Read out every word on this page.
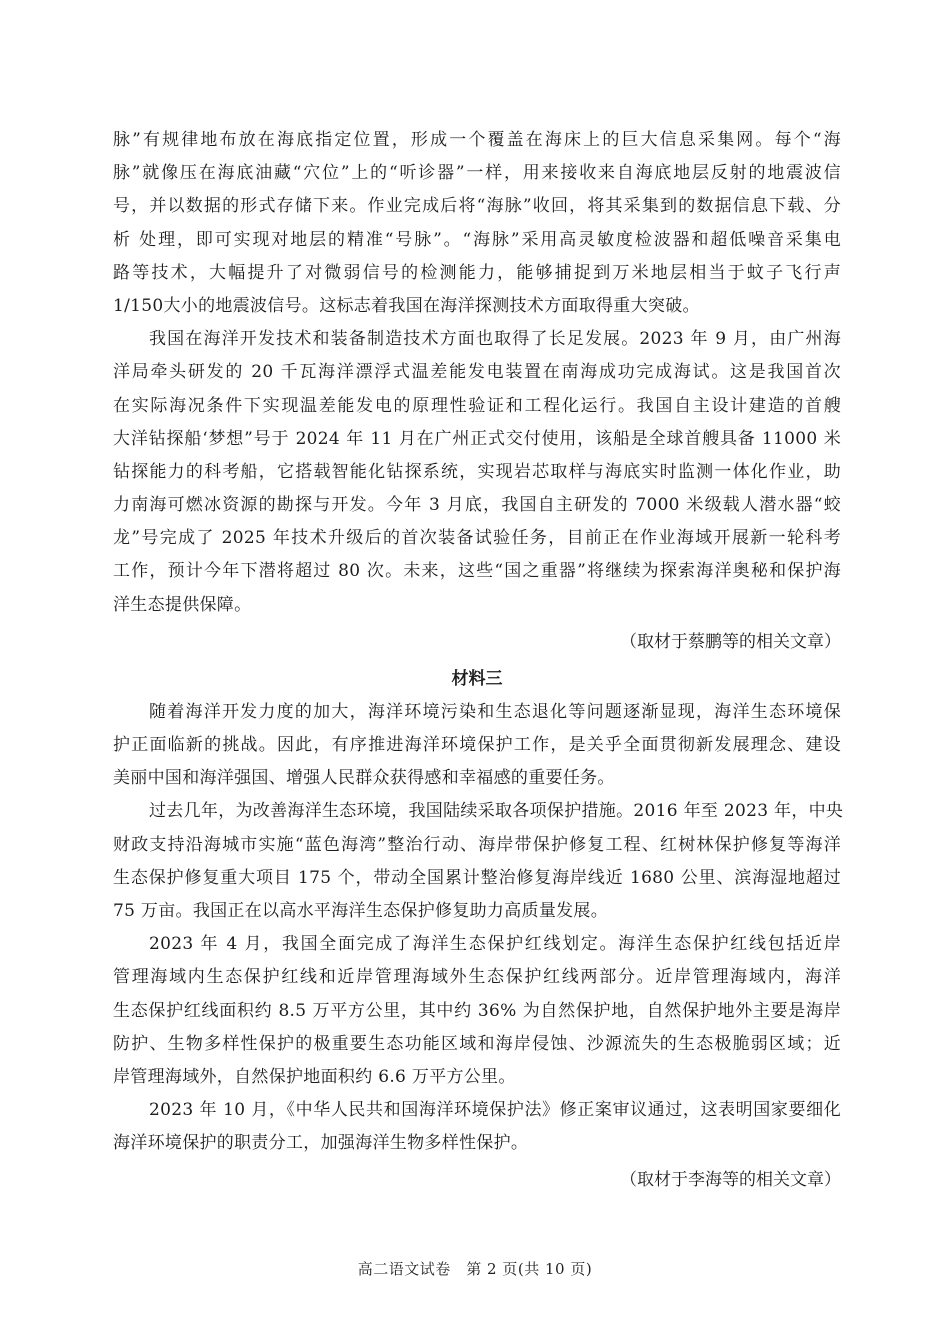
脉”有规律地布放在海底指定位置，形成一个覆盖在海床上的巨大信息采集网。每个“海
脉”就像压在海底油藏“穴位”上的“听诊器”一样，用来接收来自海底地层反射的地震波信
号，并以数据的形式存储下来。作业完成后将“海脉”收回，将其采集到的数据信息下载、分
析 处理，即可实现对地层的精准“号脉”。“海脉”采用高灵敏度检波器和超低噪音采集电
路等技术，大幅提升了对微弱信号的检测能力，能够捕捉到万米地层相当于蚊子飞行声
1/150大小的地震波信号。这标志着我国在海洋探测技术方面取得重大突破。
我国在海洋开发技术和装备制造技术方面也取得了长足发展。2023 年 9 月，由广州海
洋局牵头研发的 20 千瓦海洋漂浮式温差能发电装置在南海成功完成海试。这是我国首次
在实际海况条件下实现温差能发电的原理性验证和工程化运行。我国自主设计建造的首艘
大洋钻探船‘梦想”号于 2024 年 11 月在广州正式交付使用，该船是全球首艘具备 11000 米
钻探能力的科考船，它搭载智能化钻探系统，实现岩芯取样与海底实时监测一体化作业，助
力南海可燃冰资源的勘探与开发。今年 3 月底，我国自主研发的 7000 米级载人潜水器“蛟
龙”号完成了 2025 年技术升级后的首次装备试验任务，目前正在作业海域开展新一轮科考
工作，预计今年下潜将超过 80 次。未来，这些“国之重器”将继续为探索海洋奥秘和保护海
洋生态提供保障。
（取材于蔡鹏等的相关文章）
材料三
随着海洋开发力度的加大，海洋环境污染和生态退化等问题逐渐显现，海洋生态环境保
护正面临新的挑战。因此，有序推进海洋环境保护工作，是关乎全面贯彻新发展理念、建设
美丽中国和海洋强国、增强人民群众获得感和幸福感的重要任务。
过去几年，为改善海洋生态环境，我国陆续采取各项保护措施。2016 年至 2023 年，中央
财政支持沿海城市实施“蓝色海湾”整治行动、海岸带保护修复工程、红树林保护修复等海洋
生态保护修复重大项目 175 个，带动全国累计整治修复海岸线近 1680 公里、滨海湿地超过
75 万亩。我国正在以高水平海洋生态保护修复助力高质量发展。
2023 年 4 月，我国全面完成了海洋生态保护红线划定。海洋生态保护红线包括近岸
管理海域内生态保护红线和近岸管理海域外生态保护红线两部分。近岸管理海域内，海洋
生态保护红线面积约 8.5 万平方公里，其中约 36% 为自然保护地，自然保护地外主要是海岸
防护、生物多样性保护的极重要生态功能区域和海岸侵蚀、沙源流失的生态极脆弱区域；近
岸管理海域外，自然保护地面积约 6.6 万平方公里。
2023 年 10 月，《中华人民共和国海洋环境保护法》修正案审议通过，这表明国家要细化
海洋环境保护的职责分工，加强海洋生物多样性保护。
（取材于李海等的相关文章）
高二语文试卷　第 2 页(共 10 页)
